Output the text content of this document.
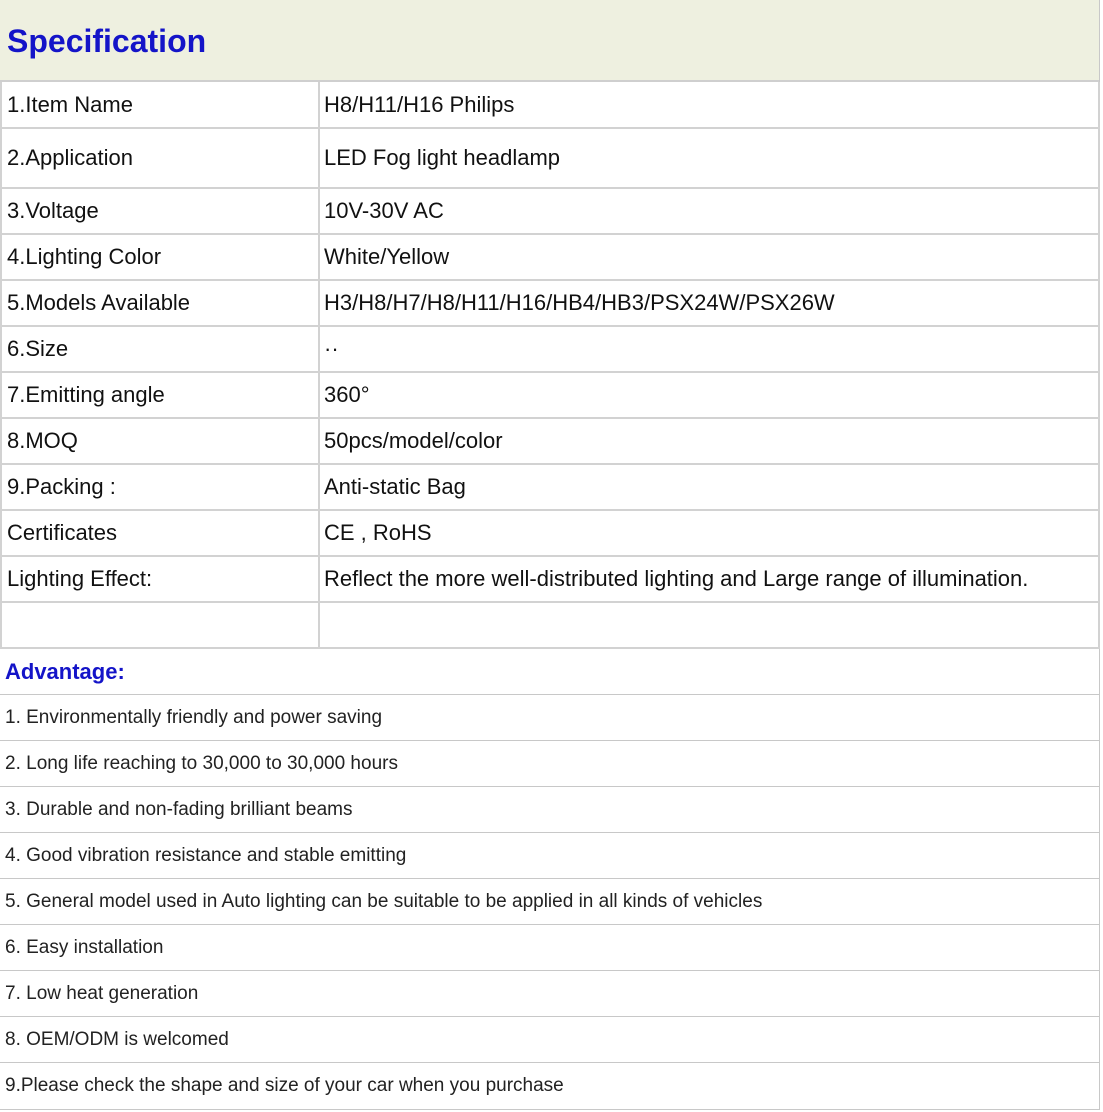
Specification
1.Item Name	H8/H11/H16 Philips
2.Application	LED Fog light headlamp
3.Voltage	10V-30V AC
4.Lighting Color	White/Yellow
5.Models Available	H3/H8/H7/H8/H11/H16/HB4/HB3/PSX24W/PSX26W
6.Size	··
7.Emitting angle	360°
8.MOQ	50pcs/model/color
9.Packing :	Anti-static Bag
Certificates	CE , RoHS
Lighting Effect:	Reflect the more well-distributed lighting and Large range of illumination.

Advantage:
1. Environmentally friendly and power saving
2. Long life reaching to 30,000 to 30,000 hours
3. Durable and non-fading brilliant beams
4. Good vibration resistance and stable emitting
5. General model used in Auto lighting can be suitable to be applied in all kinds of vehicles
6. Easy installation
7. Low heat generation
8. OEM/ODM is welcomed
9.Please check the shape and size of your car when you purchase
